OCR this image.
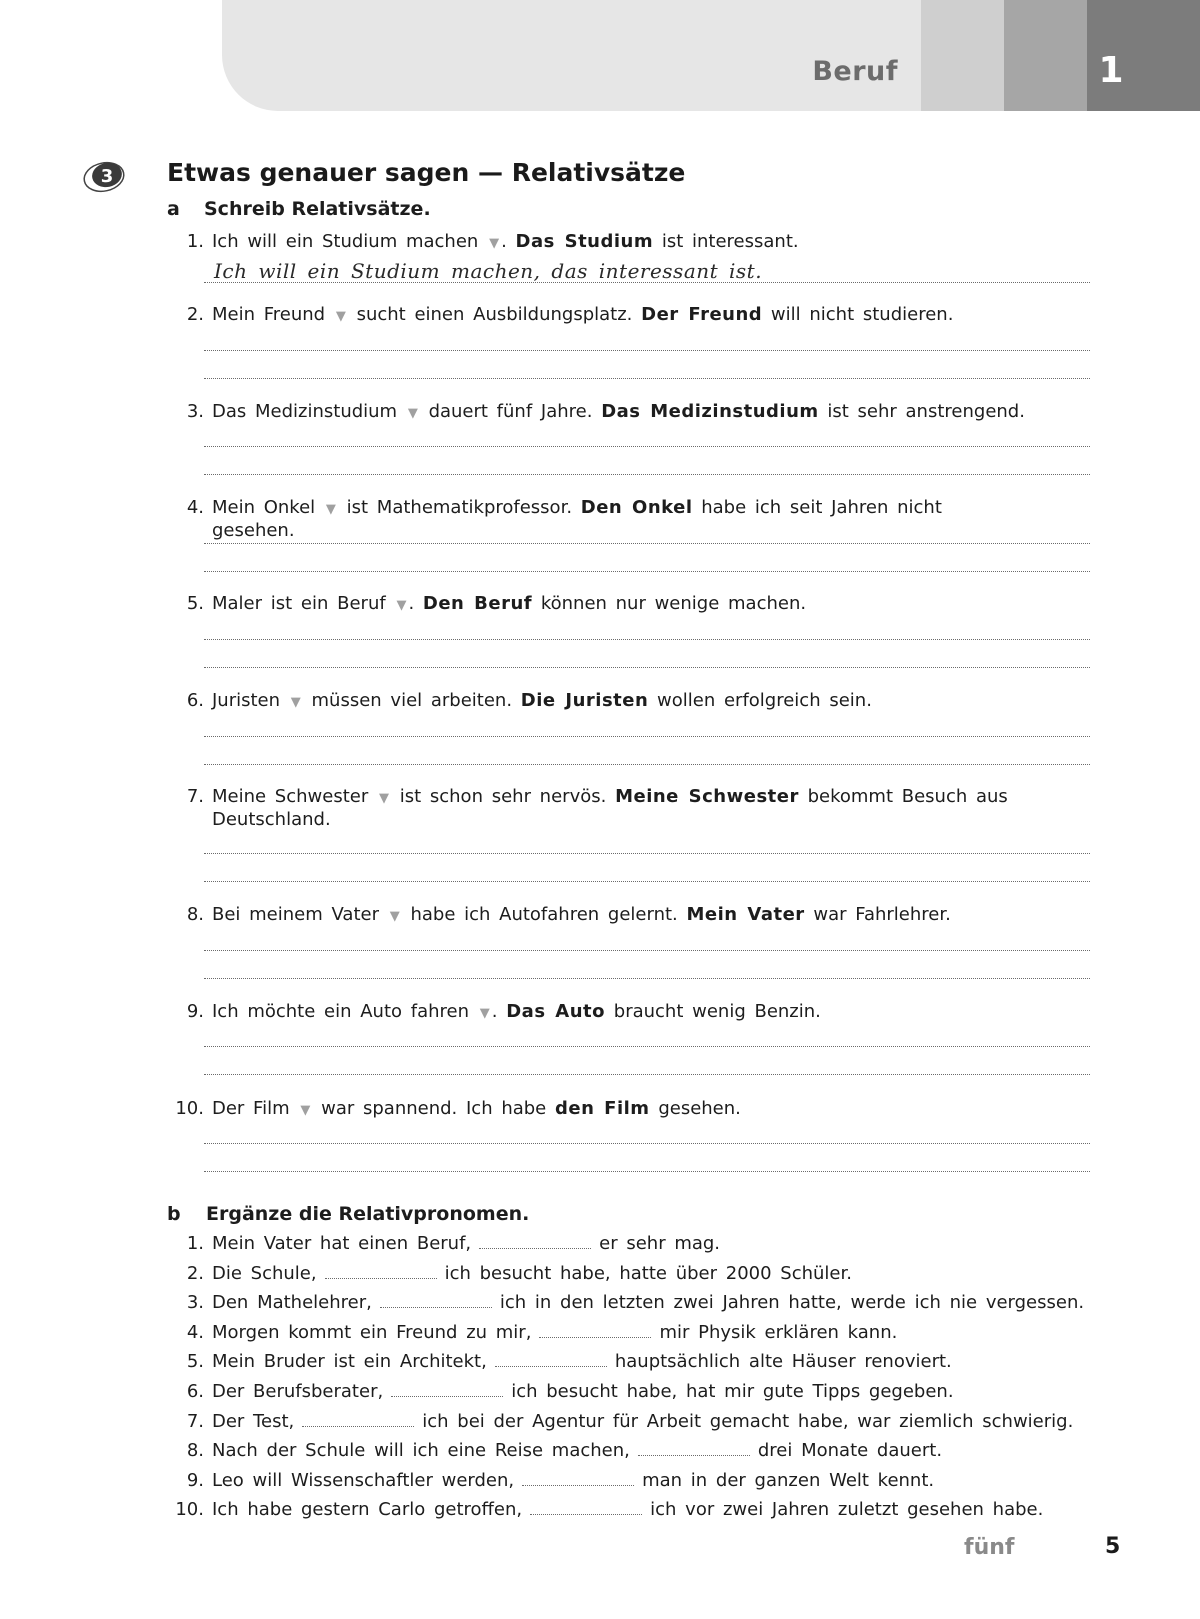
Beruf	1
3 Etwas genauer sagen — Relativsätze
a Schreib Relativsätze.
1. Ich will ein Studium machen ▼ . Das Studium ist interessant.
2. Mein Freund ▼ sucht einen Ausbildungsplatz. Der Freund will nicht studieren.
3. Das Medizinstudium ▼ dauert fünf Jahre. Das Medizinstudium ist sehr anstrengend.
4. Mein Onkel ▼ ist Mathematikprofessor. Den Onkel habe ich seit Jahren nicht gesehen.
5. Maler ist ein Beruf ▼ . Den Beruf können nur wenige machen.
6. Juristen ▼ müssen viel arbeiten. Die Juristen wollen erfolgreich sein.
7. Meine Schwester ▼ ist schon sehr nervös. Meine Schwester bekommt Besuch aus Deutschland.
8. Bei meinem Vater ▼ habe ich Autofahren gelernt. Mein Vater war Fahrlehrer.
9. Ich möchte ein Auto fahren ▼ . Das Auto braucht wenig Benzin.
10. Der Film ▼ war spannend. Ich habe den Film gesehen.
Ich will ein Studium machen, das interessant ist.
b Ergänze die Relativpronomen.
1. Mein Vater hat einen Beruf,	er sehr mag.
2. Die Schule,	ich besucht habe, hatte über 2000 Schüler.
3. Den Mathelehrer,	ich in den letzten zwei Jahren hatte, werde ich nie vergessen.
4. Morgen kommt ein Freund zu mir,	mir Physik erklären kann.
5. Mein Bruder ist ein Architekt,	hauptsächlich alte Häuser renoviert.
6. Der Berufsberater,	ich besucht habe, hat mir gute Tipps gegeben.
7. Der Test,	ich bei der Agentur für Arbeit gemacht habe, war ziemlich schwierig.
8. Nach der Schule will ich eine Reise machen,	drei Monate dauert.
9. Leo will Wissenschaftler werden,	man in der ganzen Welt kennt.
10. Ich habe gestern Carlo getroffen,	ich vor zwei Jahren zuletzt gesehen habe.
fünf	5
